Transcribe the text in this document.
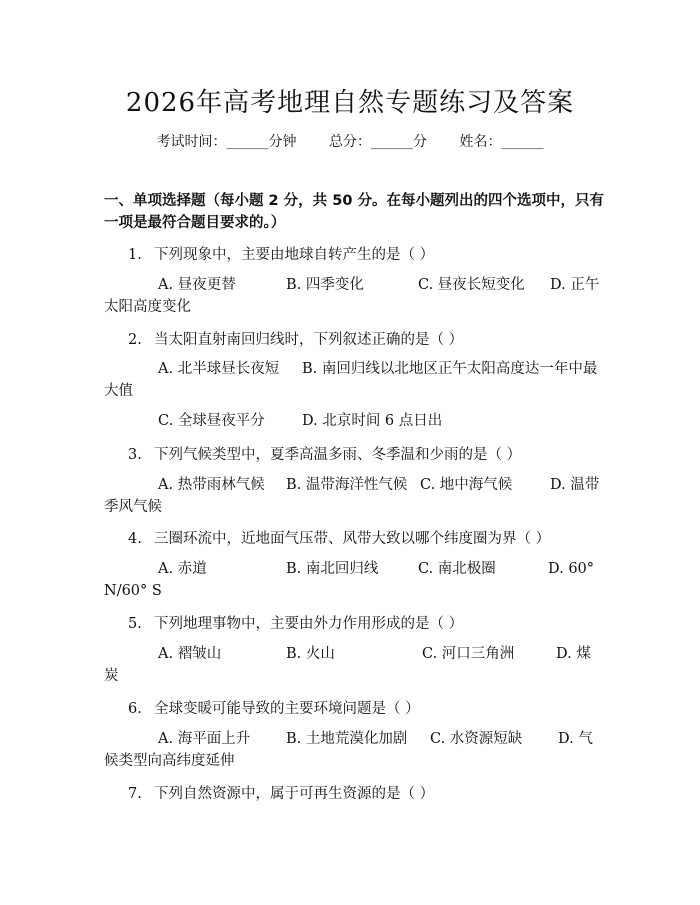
2026年高考地理自然专题练习及答案
考试时间：______分钟 总分：______分 姓名：______
一、单项选择题（每小题 2 分，共 50 分。在每小题列出的四个选项中，只有一项是最符合题目要求的。）
1. 下列现象中，主要由地球自转产生的是（ ）
A. 昼夜更替	B. 四季变化	C. 昼夜长短变化 D. 正午太阳高度变化
2. 当太阳直射南回归线时，下列叙述正确的是（ ）
A. 北半球昼长夜短 B. 南回归线以北地区正午太阳高度达一年中最大值
C. 全球昼夜平分	D. 北京时间 6 点日出
3. 下列气候类型中，夏季高温多雨、冬季温和少雨的是（ ）
A. 热带雨林气候 B. 温带海洋性气候 C. 地中海气候	D. 温带季风气候
4. 三圈环流中，近地面气压带、风带大致以哪个纬度圈为界（ ）
A. 赤道	B. 南北回归线	C. 南北极圈	D. 60° N/60° S
5. 下列地理事物中，主要由外力作用形成的是（ ）
A. 褶皱山	B. 火山	C. 河口三角洲	D. 煤炭
6. 全球变暖可能导致的主要环境问题是（ ）
A. 海平面上升 B. 土地荒漠化加剧 C. 水资源短缺 D. 气候类型向高纬度延伸
7. 下列自然资源中，属于可再生资源的是（ ）
